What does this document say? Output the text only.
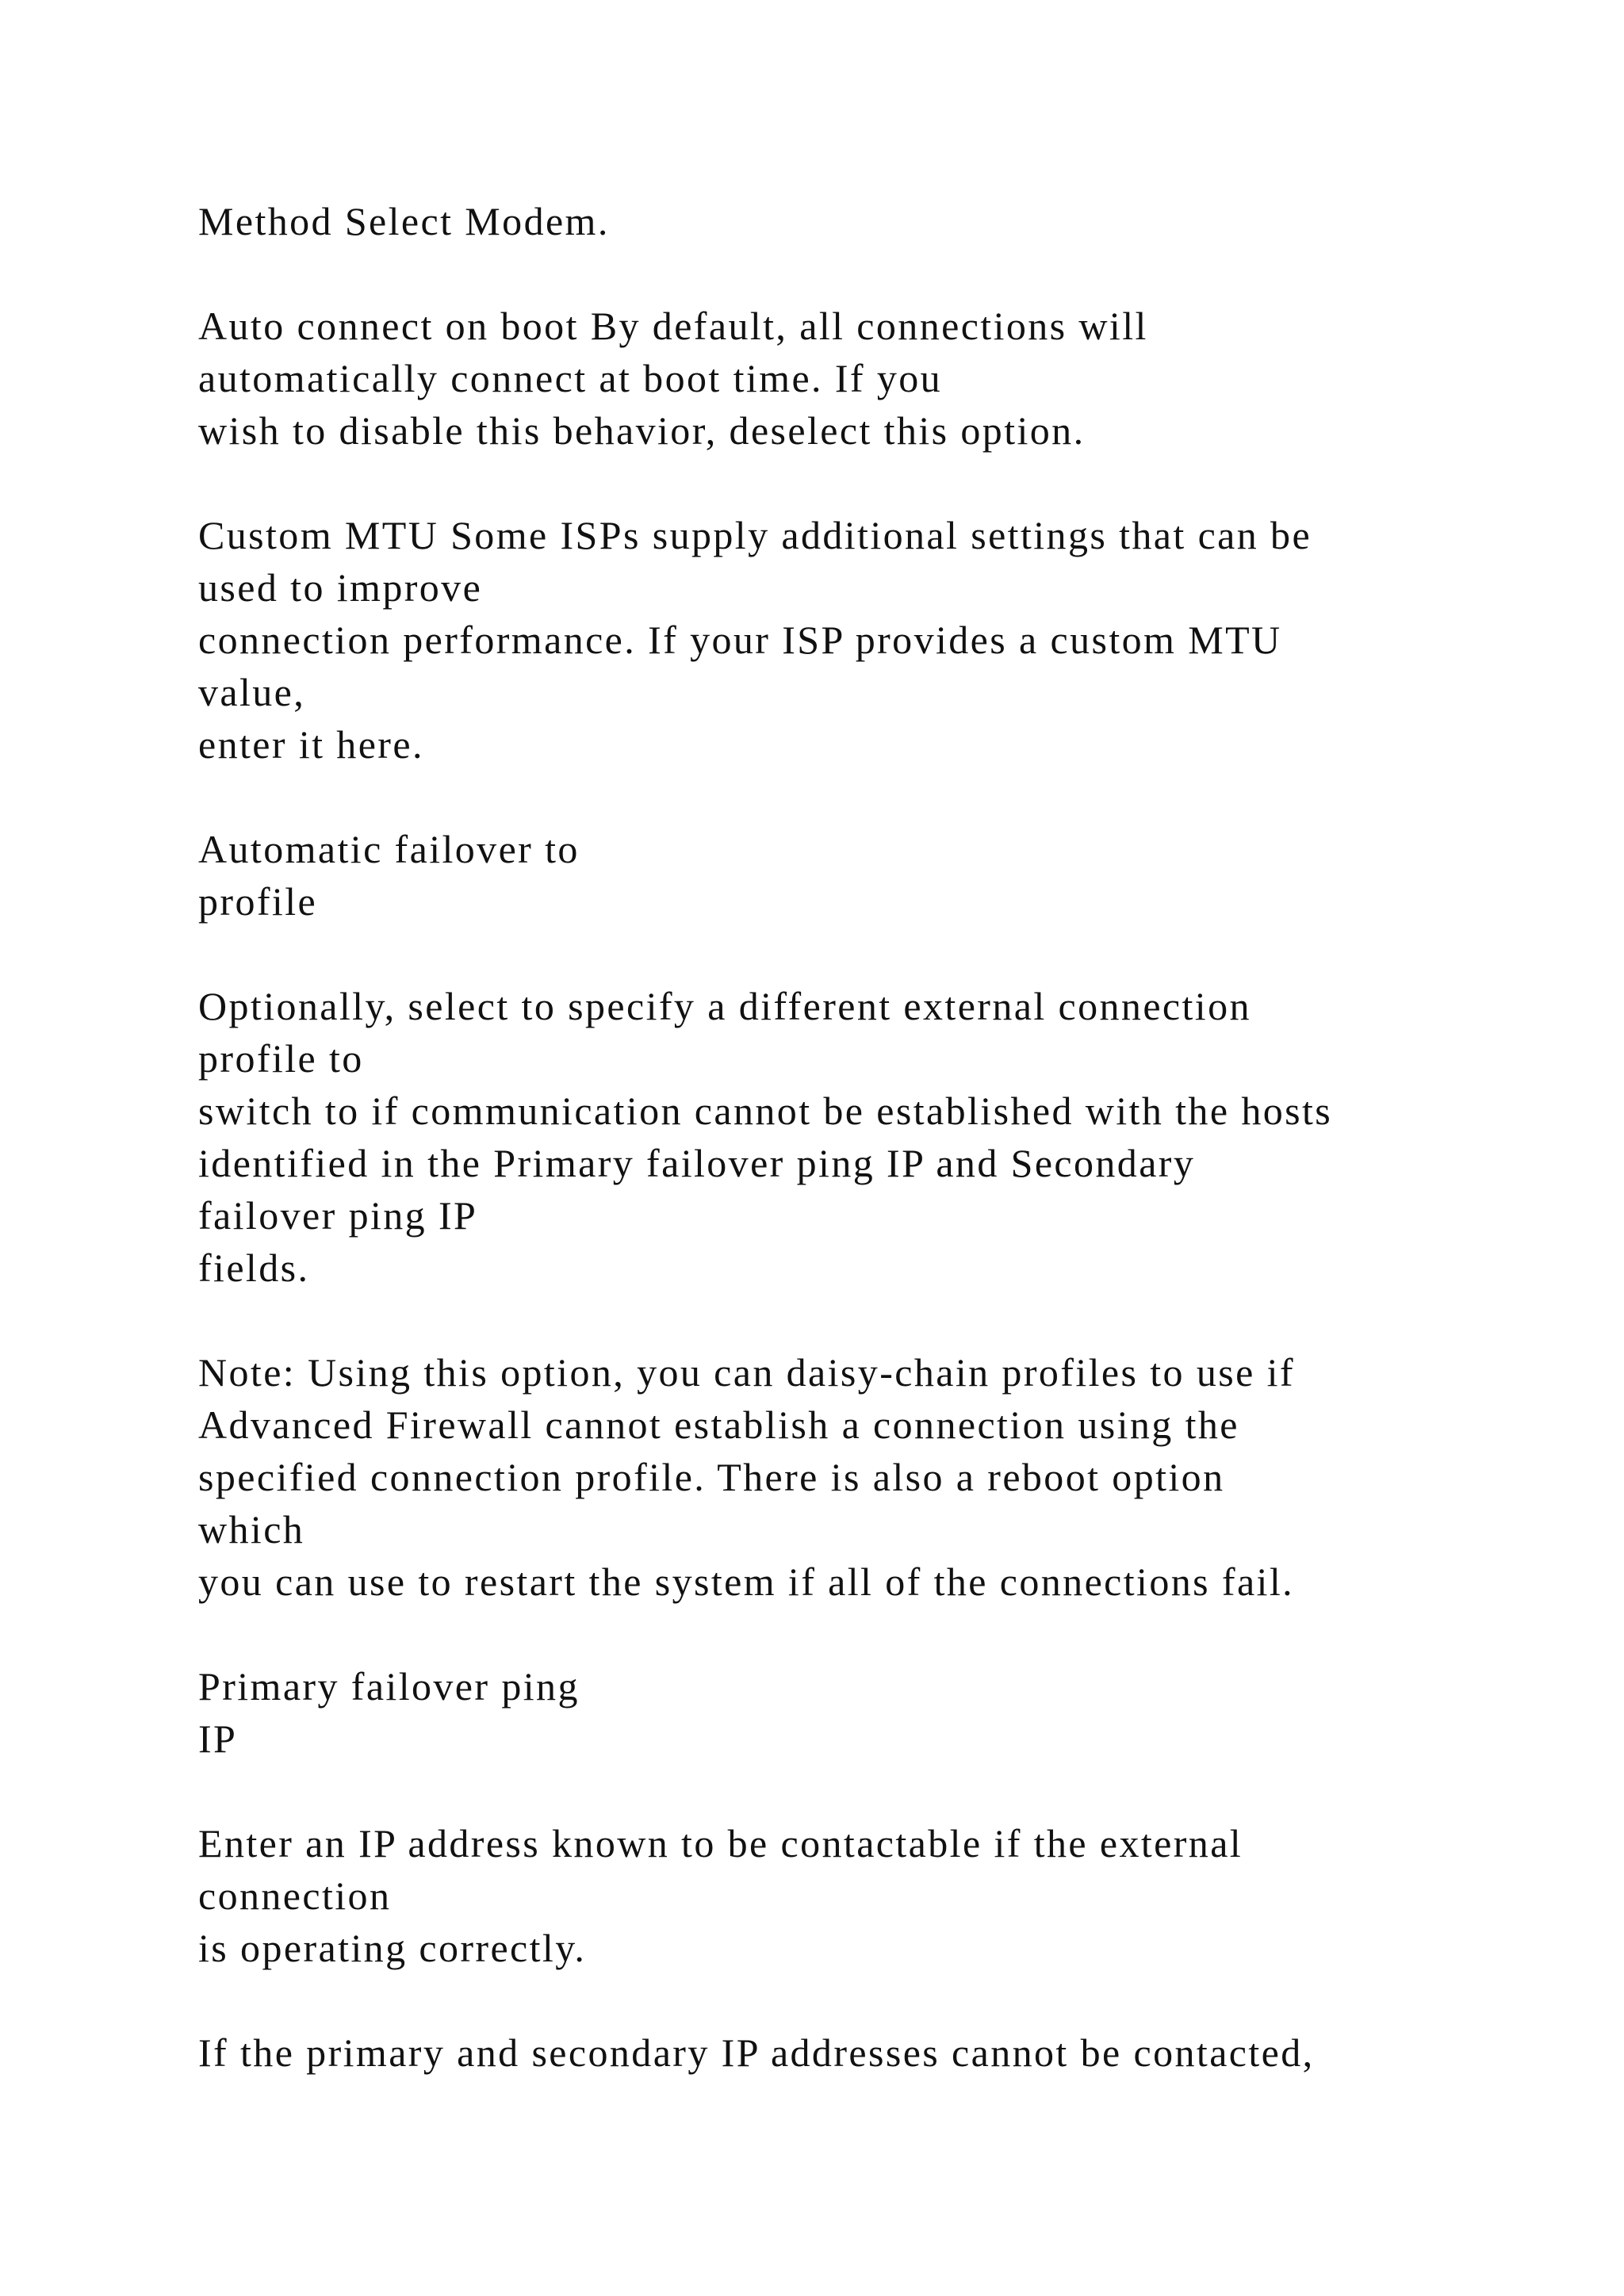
Method Select Modem.

Auto connect on boot By default, all connections will

automatically connect at boot time. If you

wish to disable this behavior, deselect this option.

Custom MTU Some ISPs supply additional settings that can be

used to improve

connection performance. If your ISP provides a custom MTU

value,

enter it here.

Automatic failover to

profile

Optionally, select to specify a different external connection

profile to

switch to if communication cannot be established with the hosts

identified in the Primary failover ping IP and Secondary

failover ping IP

fields.

Note: Using this option, you can daisy-chain profiles to use if

Advanced Firewall cannot establish a connection using the

specified connection profile. There is also a reboot option

which

you can use to restart the system if all of the connections fail.

Primary failover ping

IP

Enter an IP address known to be contactable if the external

connection

is operating correctly.

If the primary and secondary IP addresses cannot be contacted,
